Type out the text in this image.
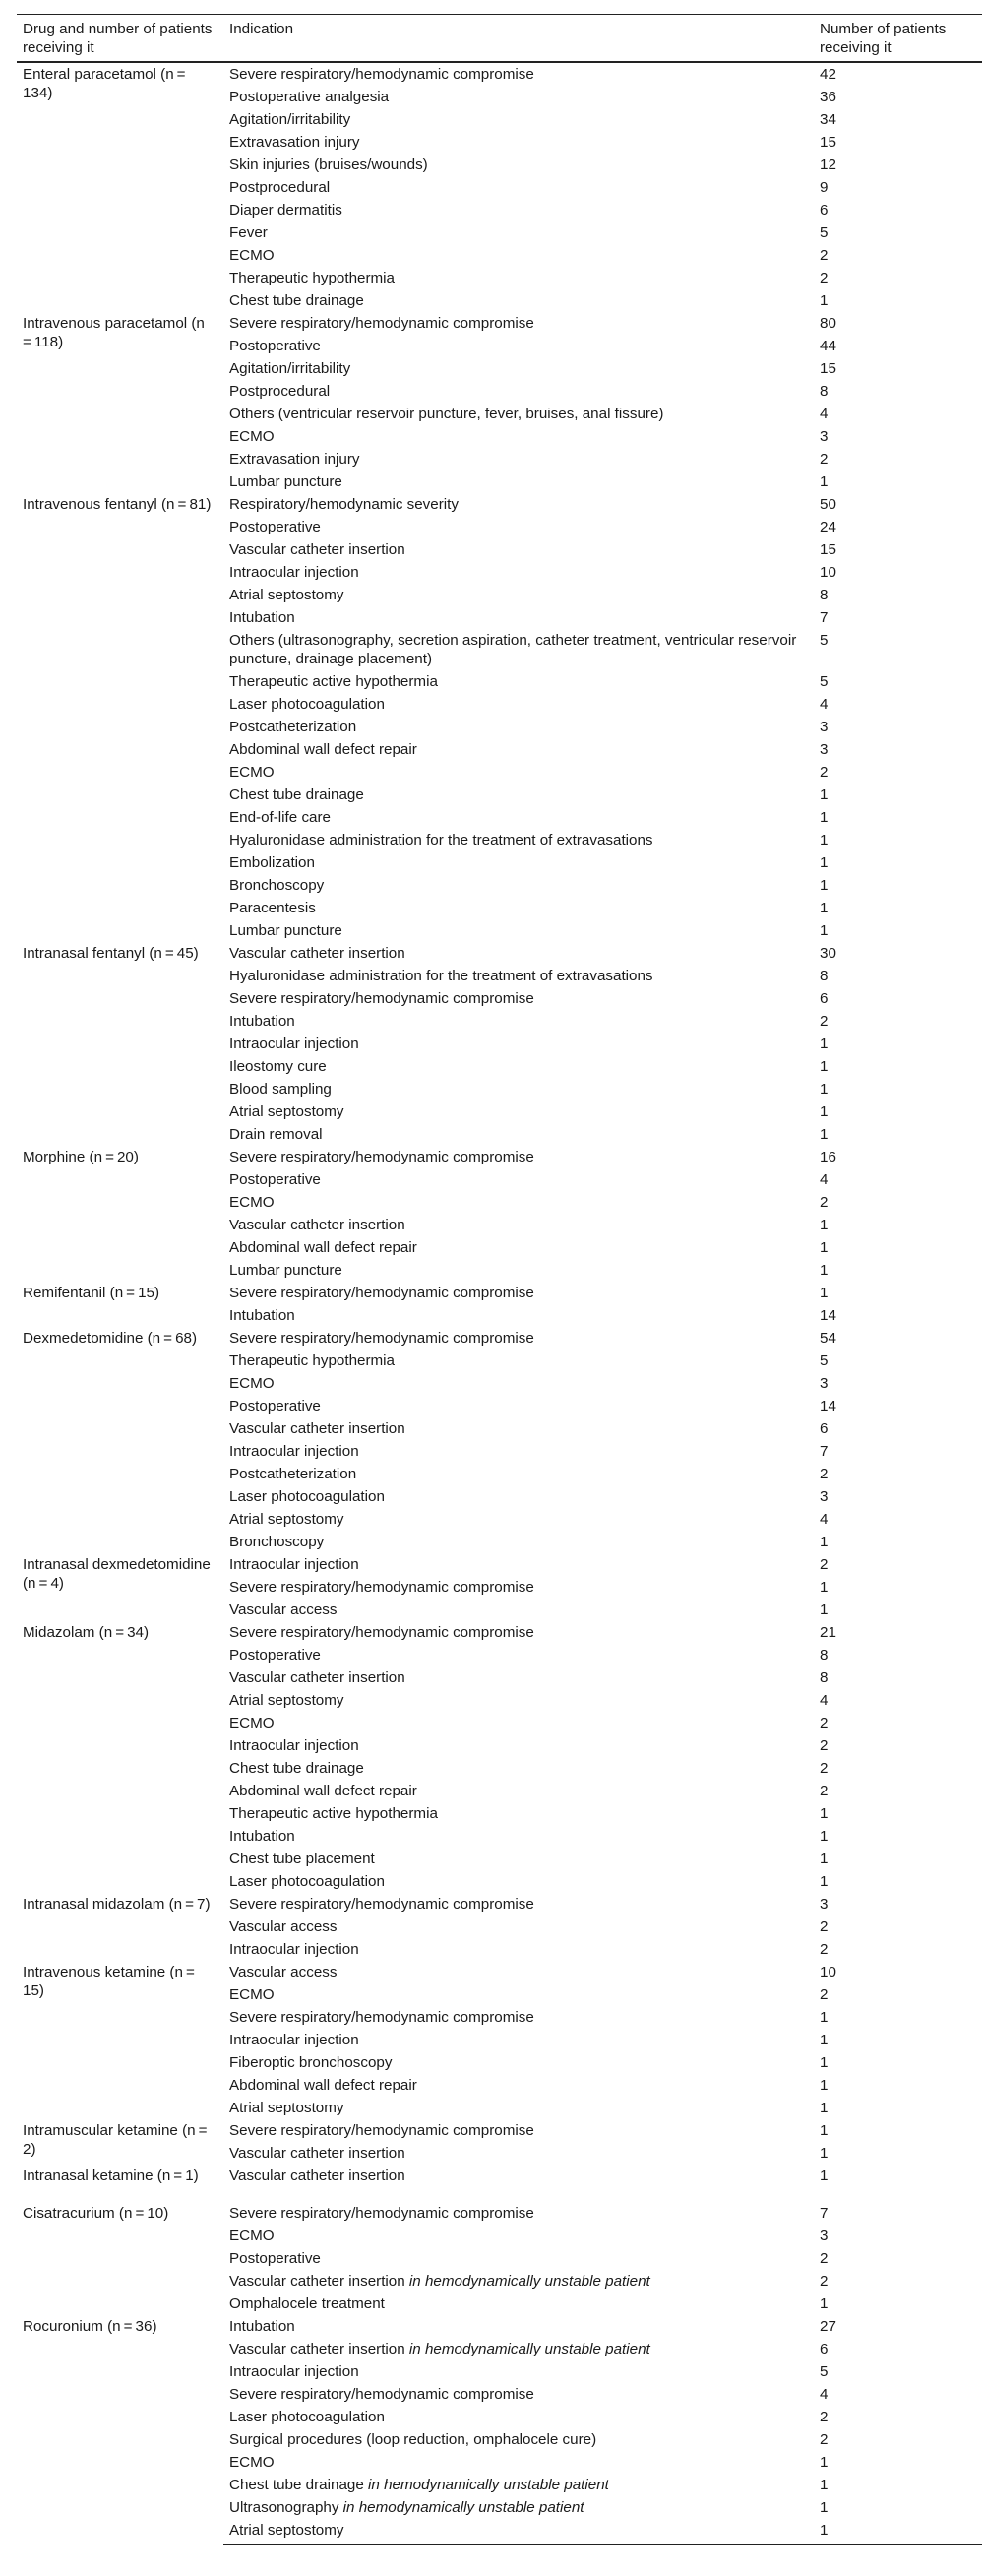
Drug and number of patients receiving it	Indication	Number of patients receiving it
Enteral paracetamol (n = 134)	Severe respiratory/hemodynamic compromise	42
	Postoperative analgesia	36
	Agitation/irritability	34
	Extravasation injury	15
	Skin injuries (bruises/wounds)	12
	Postprocedural	9
	Diaper dermatitis	6
	Fever	5
	ECMO	2
	Therapeutic hypothermia	2
	Chest tube drainage	1
Intravenous paracetamol (n = 118)	Severe respiratory/hemodynamic compromise	80
	Postoperative	44
	Agitation/irritability	15
	Postprocedural	8
	Others (ventricular reservoir puncture, fever, bruises, anal fissure)	4
	ECMO	3
	Extravasation injury	2
	Lumbar puncture	1
Intravenous fentanyl (n = 81)	Respiratory/hemodynamic severity	50
	Postoperative	24
	Vascular catheter insertion	15
	Intraocular injection	10
	Atrial septostomy	8
	Intubation	7

	Others (ultrasonography, secretion aspiration, catheter treatment, ventricular reservoir puncture, drainage placement)	5
	Therapeutic active hypothermia	5
	Laser photocoagulation	4
	Postcatheterization	3
	Abdominal wall defect repair	3
	ECMO	2
	Chest tube drainage	1
	End-of-life care	1
	Hyaluronidase administration for the treatment of extravasations	1
	Embolization	1
	Bronchoscopy	1
	Paracentesis	1
	Lumbar puncture	1
Intranasal fentanyl (n = 45)	Vascular catheter insertion	30
	Hyaluronidase administration for the treatment of extravasations	8
	Severe respiratory/hemodynamic compromise	6
	Intubation	2
	Intraocular injection	1
	Ileostomy cure	1
	Blood sampling	1
	Atrial septostomy	1
	Drain removal	1
Morphine (n = 20)	Severe respiratory/hemodynamic compromise	16
	Postoperative	4
	ECMO	2
	Vascular catheter insertion	1
	Abdominal wall defect repair	1
	Lumbar puncture	1
Remifentanil (n = 15)	Severe respiratory/hemodynamic compromise	1
	Intubation	14
Dexmedetomidine (n = 68)	Severe respiratory/hemodynamic compromise	54
	Therapeutic hypothermia	5
	ECMO	3
	Postoperative	14
	Vascular catheter insertion	6
	Intraocular injection	7
	Postcatheterization	2
	Laser photocoagulation	3
	Atrial septostomy	4
	Bronchoscopy	1
Intranasal dexmedetomidine (n = 4)	Intraocular injection	2
	Severe respiratory/hemodynamic compromise	1
	Vascular access	1
Midazolam (n = 34)	Severe respiratory/hemodynamic compromise	21
	Postoperative	8
	Vascular catheter insertion	8
	Atrial septostomy	4
	ECMO	2
	Intraocular injection	2
	Chest tube drainage	2
	Abdominal wall defect repair	2
	Therapeutic active hypothermia	1
	Intubation	1
	Chest tube placement	1
	Laser photocoagulation	1
Intranasal midazolam (n = 7)	Severe respiratory/hemodynamic compromise	3
	Vascular access	2
	Intraocular injection	2
Intravenous ketamine (n = 15)	Vascular access	10
	ECMO	2
	Severe respiratory/hemodynamic compromise	1
	Intraocular injection	1
	Fiberoptic bronchoscopy	1
	Abdominal wall defect repair	1
	Atrial septostomy	1
Intramuscular ketamine (n = 2)	Severe respiratory/hemodynamic compromise	1
	Vascular catheter insertion	1
Intranasal ketamine (n = 1)	Vascular catheter insertion	1
Cisatracurium (n = 10)	Severe respiratory/hemodynamic compromise	7
	ECMO	3
	Postoperative	2
	Vascular catheter insertion in hemodynamically unstable patient	2
	Omphalocele treatment	1
Rocuronium (n = 36)	Intubation	27
	Vascular catheter insertion in hemodynamically unstable patient	6
	Intraocular injection	5
	Severe respiratory/hemodynamic compromise	4
	Laser photocoagulation	2
	Surgical procedures (loop reduction, omphalocele cure)	2
	ECMO	1
	Chest tube drainage in hemodynamically unstable patient	1
	Ultrasonography in hemodynamically unstable patient	1
	Atrial septostomy	1
